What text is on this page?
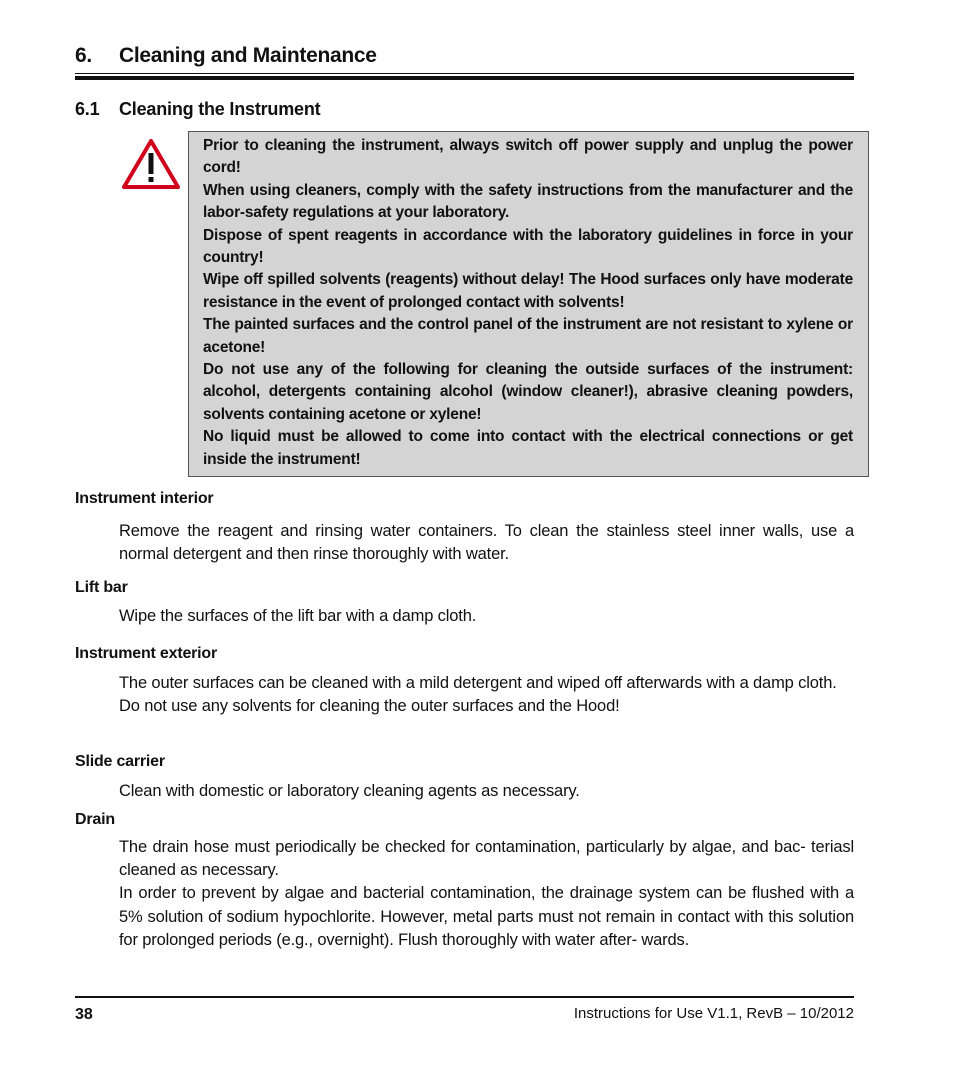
6. Cleaning and Maintenance
6.1 Cleaning the Instrument

Prior to cleaning the instrument, always switch off power supply and unplug the power cord!

When using cleaners, comply with the safety instructions from the manufacturer and the labor-safety regulations at your laboratory.

Dispose of spent reagents in accordance with the laboratory guidelines in force in your country!

Wipe off spilled solvents (reagents) without delay! The Hood surfaces only have moderate resistance in the event of prolonged contact with solvents!

The painted surfaces and the control panel of the instrument are not resistant to xylene or acetone!

Do not use any of the following for cleaning the outside surfaces of the instrument: alcohol, detergents containing alcohol (window cleaner!), abrasive cleaning powders, solvents containing acetone or xylene!

No liquid must be allowed to come into contact with the electrical connections or get inside the instrument!

Instrument interior

Remove the reagent and rinsing water containers. To clean the stainless steel inner walls, use a normal detergent and then rinse thoroughly with water.

Lift bar

Wipe the surfaces of the lift bar with a damp cloth.

Instrument exterior

The outer surfaces can be cleaned with a mild detergent and wiped off afterwards with a damp cloth.

Do not use any solvents for cleaning the outer surfaces and the Hood!

Slide carrier

Clean with domestic or laboratory cleaning agents as necessary.

Drain

The drain hose must periodically be checked for contamination, particularly by algae, and bac- teriasl cleaned as necessary.

In order to prevent by algae and bacterial contamination, the drainage system can be flushed with a 5% solution of sodium hypochlorite. However, metal parts must not remain in contact with this solution for prolonged periods (e.g., overnight). Flush thoroughly with water after- wards.

38	Instructions for Use V1.1, RevB – 10/2012
